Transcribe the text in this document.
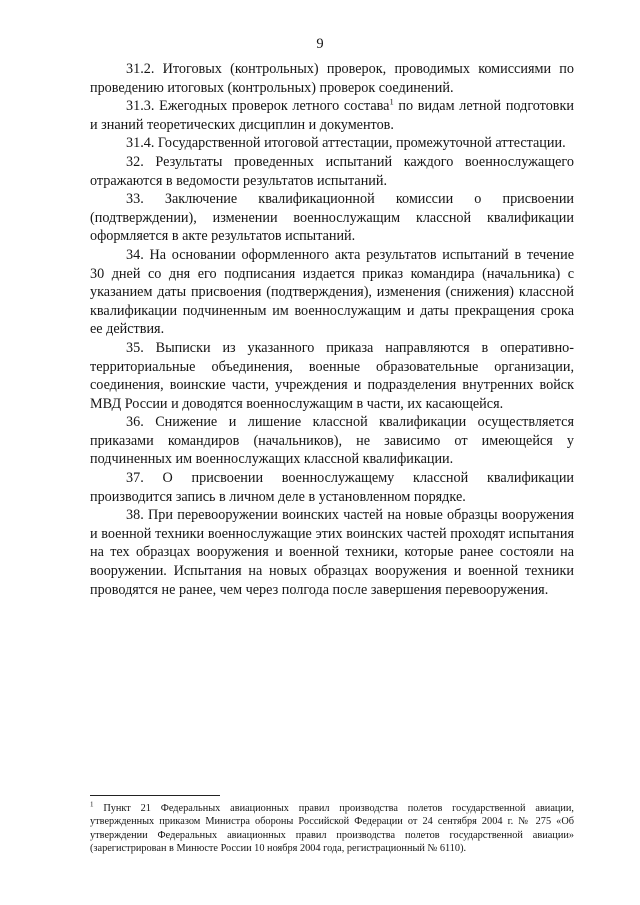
9

31.2. Итоговых (контрольных) проверок, проводимых комиссиями по проведению итоговых (контрольных) проверок соединений.

31.3. Ежегодных проверок летного состава$^1$ по видам летной подготовки и знаний теоретических дисциплин и документов.

31.4. Государственной итоговой аттестации, промежуточной аттестации.

32. Результаты проведенных испытаний каждого военнослужащего отражаются в ведомости результатов испытаний.

33. Заключение квалификационной комиссии о присвоении (подтверждении), изменении военнослужащим классной квалификации оформляется в акте результатов испытаний.

34. На основании оформленного акта результатов испытаний в течение 30 дней со дня его подписания издается приказ командира (начальника) с указанием даты присвоения (подтверждения), изменения (снижения) классной квалификации подчиненным им военнослужащим и даты прекращения срока ее действия.

35. Выписки из указанного приказа направляются в оперативно-территориальные объединения, военные образовательные организации, соединения, воинские части, учреждения и подразделения внутренних войск МВД России и доводятся военнослужащим в части, их касающейся.

36. Снижение и лишение классной квалификации осуществляется приказами командиров (начальников), не зависимо от имеющейся у подчиненных им военнослужащих классной квалификации.

37. О присвоении военнослужащему классной квалификации производится запись в личном деле в установленном порядке.

38. При перевооружении воинских частей на новые образцы вооружения и военной техники военнослужащие этих воинских частей проходят испытания на тех образцах вооружения и военной техники, которые ранее состояли на вооружении. Испытания на новых образцах вооружения и военной техники проводятся не ранее, чем через полгода после завершения перевооружения.

$^1$ Пункт 21 Федеральных авиационных правил производства полетов государственной авиации, утвержденных приказом Министра обороны Российской Федерации от 24 сентября 2004 г. № 275 «Об утверждении Федеральных авиационных правил производства полетов государственной авиации» (зарегистрирован в Минюсте России 10 ноября 2004 года, регистрационный № 6110).
